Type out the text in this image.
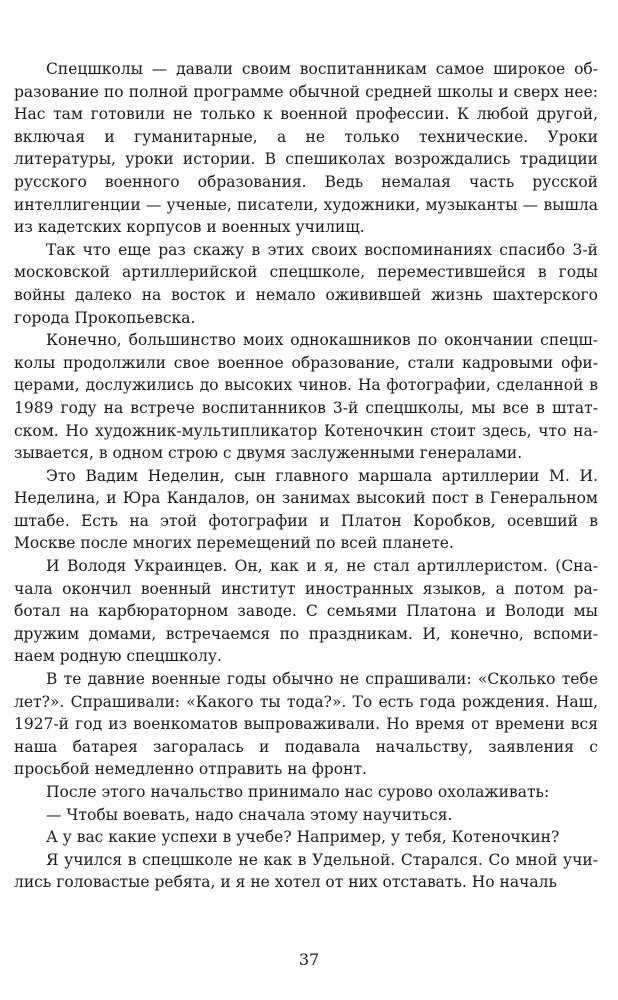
Спецшколы — давали своим воспитанникам самое широкое образование по полной программе обычной средней школы и сверх нее: Нас там готовили не только к военной профессии. К любой другой, включая и гуманитарные, а не только технические. Уроки литературы, уроки истории. В спешиколах возрождались традиции русского военного образования. Ведь немалая часть русской интеллигенции — ученые, писатели, художники, музыканты — вышла из кадетских корпусов и военных училищ.

Так что еще раз скажу в этих своих воспоминаниях спасибо 3-й московской артиллерийской спецшколе, переместившейся в годы войны далеко на восток и немало оживившей жизнь шахтерского города Прокопьевска.

Конечно, большинство моих однокашников по окончании спецшколы продолжили свое военное образование, стали кадровыми офицерами, дослужились до высоких чинов. На фотографии, сделанной в 1989 году на встрече воспитанников 3-й спецшколы, мы все в штатском. Но художник-мультипликатор Котеночкин стоит здесь, что называется, в одном строю с двумя заслуженными генералами.

Это Вадим Неделин, сын главного маршала артиллерии М. И. Неделина, и Юра Кандалов, он занимах высокий пост в Генеральном штабе. Есть на этой фотографии и Платон Коробков, осевший в Москве после многих перемещений по всей планете.

И Володя Украинцев. Он, как и я, не стал артиллеристом. (Сначала окончил военный институт иностранных языков, а потом работал на карбюраторном заводе. С семьями Платона и Володи мы дружим домами, встречаемся по праздникам. И, конечно, вспоминаем родную спецшколу.

В те давние военные годы обычно не спрашивали: «Сколько тебе лет?». Спрашивали: «Какого ты тода?». То есть года рождения. Наш, 1927-й год из военкоматов выпроваживали. Но время от времени вся наша батарея загоралась и подавала начальству, заявления с просьбой немедленно отправить на фронт.

После этого начальство принимало нас сурово охолаживать:

— Чтобы воевать, надо сначала этому научиться.

А у вас какие успехи в учебе? Например, у тебя, Котеночкин?

Я учился в спецшколе не как в Удельной. Старался. Со мной учились головастые ребята, и я не хотел от них отставать. Но началь

37
